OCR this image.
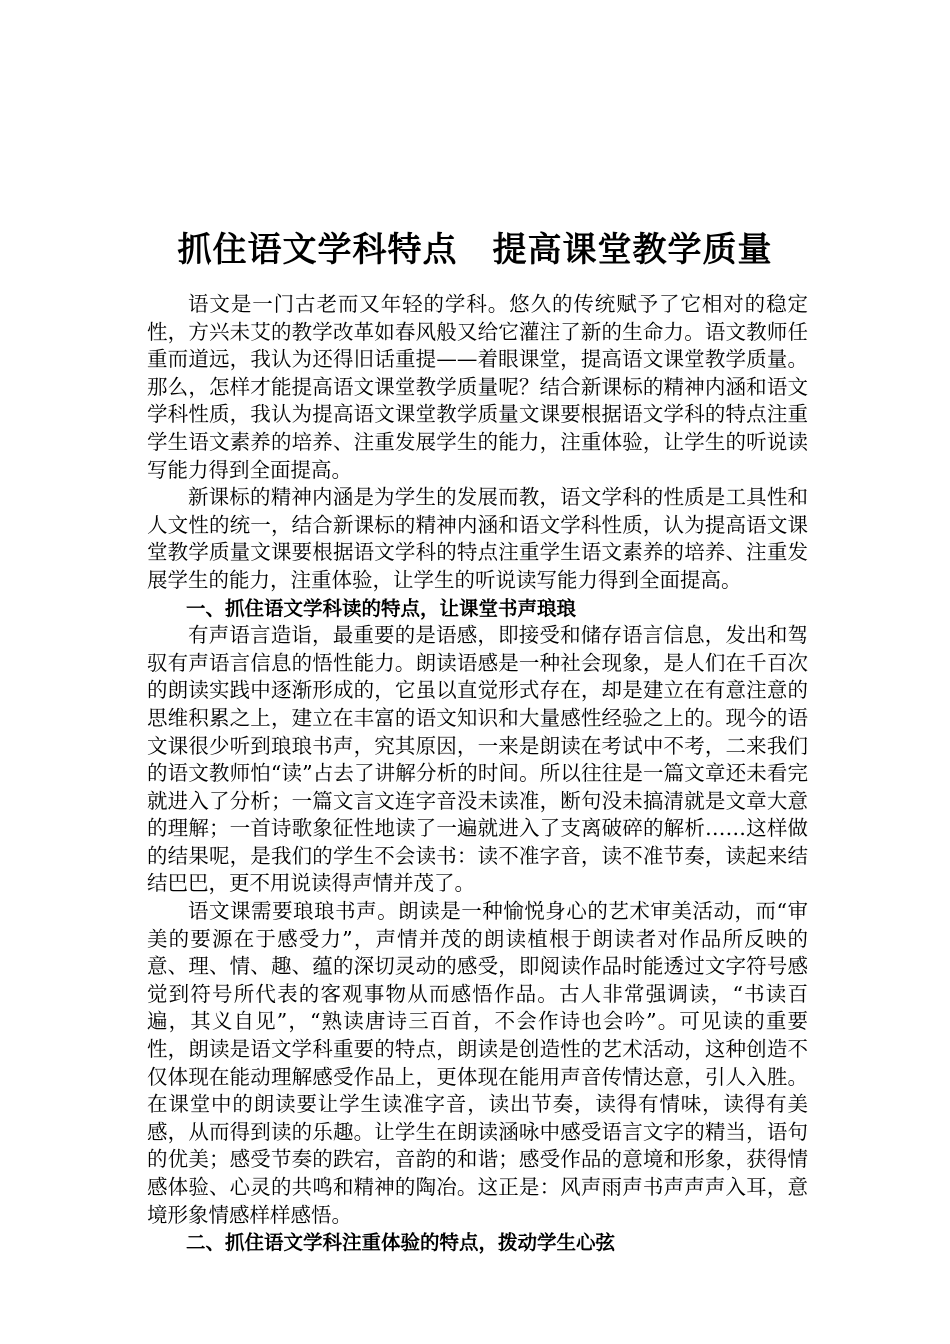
抓住语文学科特点　提高课堂教学质量

语文是一门古老而又年轻的学科。悠久的传统赋予了它相对的稳定性，方兴未艾的教学改革如春风般又给它灌注了新的生命力。语文教师任重而道远，我认为还得旧话重提——着眼课堂，提高语文课堂教学质量。那么，怎样才能提高语文课堂教学质量呢？结合新课标的精神内涵和语文学科性质，我认为提高语文课堂教学质量文课要根据语文学科的特点注重学生语文素养的培养、注重发展学生的能力，注重体验，让学生的听说读写能力得到全面提高。

新课标的精神内涵是为学生的发展而教，语文学科的性质是工具性和人文性的统一，结合新课标的精神内涵和语文学科性质，认为提高语文课堂教学质量文课要根据语文学科的特点注重学生语文素养的培养、注重发展学生的能力，注重体验，让学生的听说读写能力得到全面提高。

一、抓住语文学科读的特点，让课堂书声琅琅

有声语言造诣，最重要的是语感，即接受和储存语言信息，发出和驾驭有声语言信息的悟性能力。朗读语感是一种社会现象，是人们在千百次的朗读实践中逐渐形成的，它虽以直觉形式存在，却是建立在有意注意的思维积累之上，建立在丰富的语文知识和大量感性经验之上的。现今的语文课很少听到琅琅书声，究其原因，一来是朗读在考试中不考，二来我们的语文教师怕“读”占去了讲解分析的时间。所以往往是一篇文章还未看完就进入了分析；一篇文言文连字音没未读准，断句没未搞清就是文章大意的理解；一首诗歌象征性地读了一遍就进入了支离破碎的解析……这样做的结果呢，是我们的学生不会读书：读不准字音，读不准节奏，读起来结结巴巴，更不用说读得声情并茂了。

语文课需要琅琅书声。朗读是一种愉悦身心的艺术审美活动，而“审美的要源在于感受力”，声情并茂的朗读植根于朗读者对作品所反映的意、理、情、趣、蕴的深切灵动的感受，即阅读作品时能透过文字符号感觉到符号所代表的客观事物从而感悟作品。古人非常强调读，“书读百遍，其义自见”，“熟读唐诗三百首，不会作诗也会吟”。可见读的重要性，朗读是语文学科重要的特点，朗读是创造性的艺术活动，这种创造不仅体现在能动理解感受作品上，更体现在能用声音传情达意，引人入胜。在课堂中的朗读要让学生读准字音，读出节奏，读得有情味，读得有美感，从而得到读的乐趣。让学生在朗读涵咏中感受语言文字的精当，语句的优美；感受节奏的跌宕，音韵的和谐；感受作品的意境和形象，获得情感体验、心灵的共鸣和精神的陶冶。这正是：风声雨声书声声声入耳，意境形象情感样样感悟。

二、抓住语文学科注重体验的特点，拨动学生心弦
